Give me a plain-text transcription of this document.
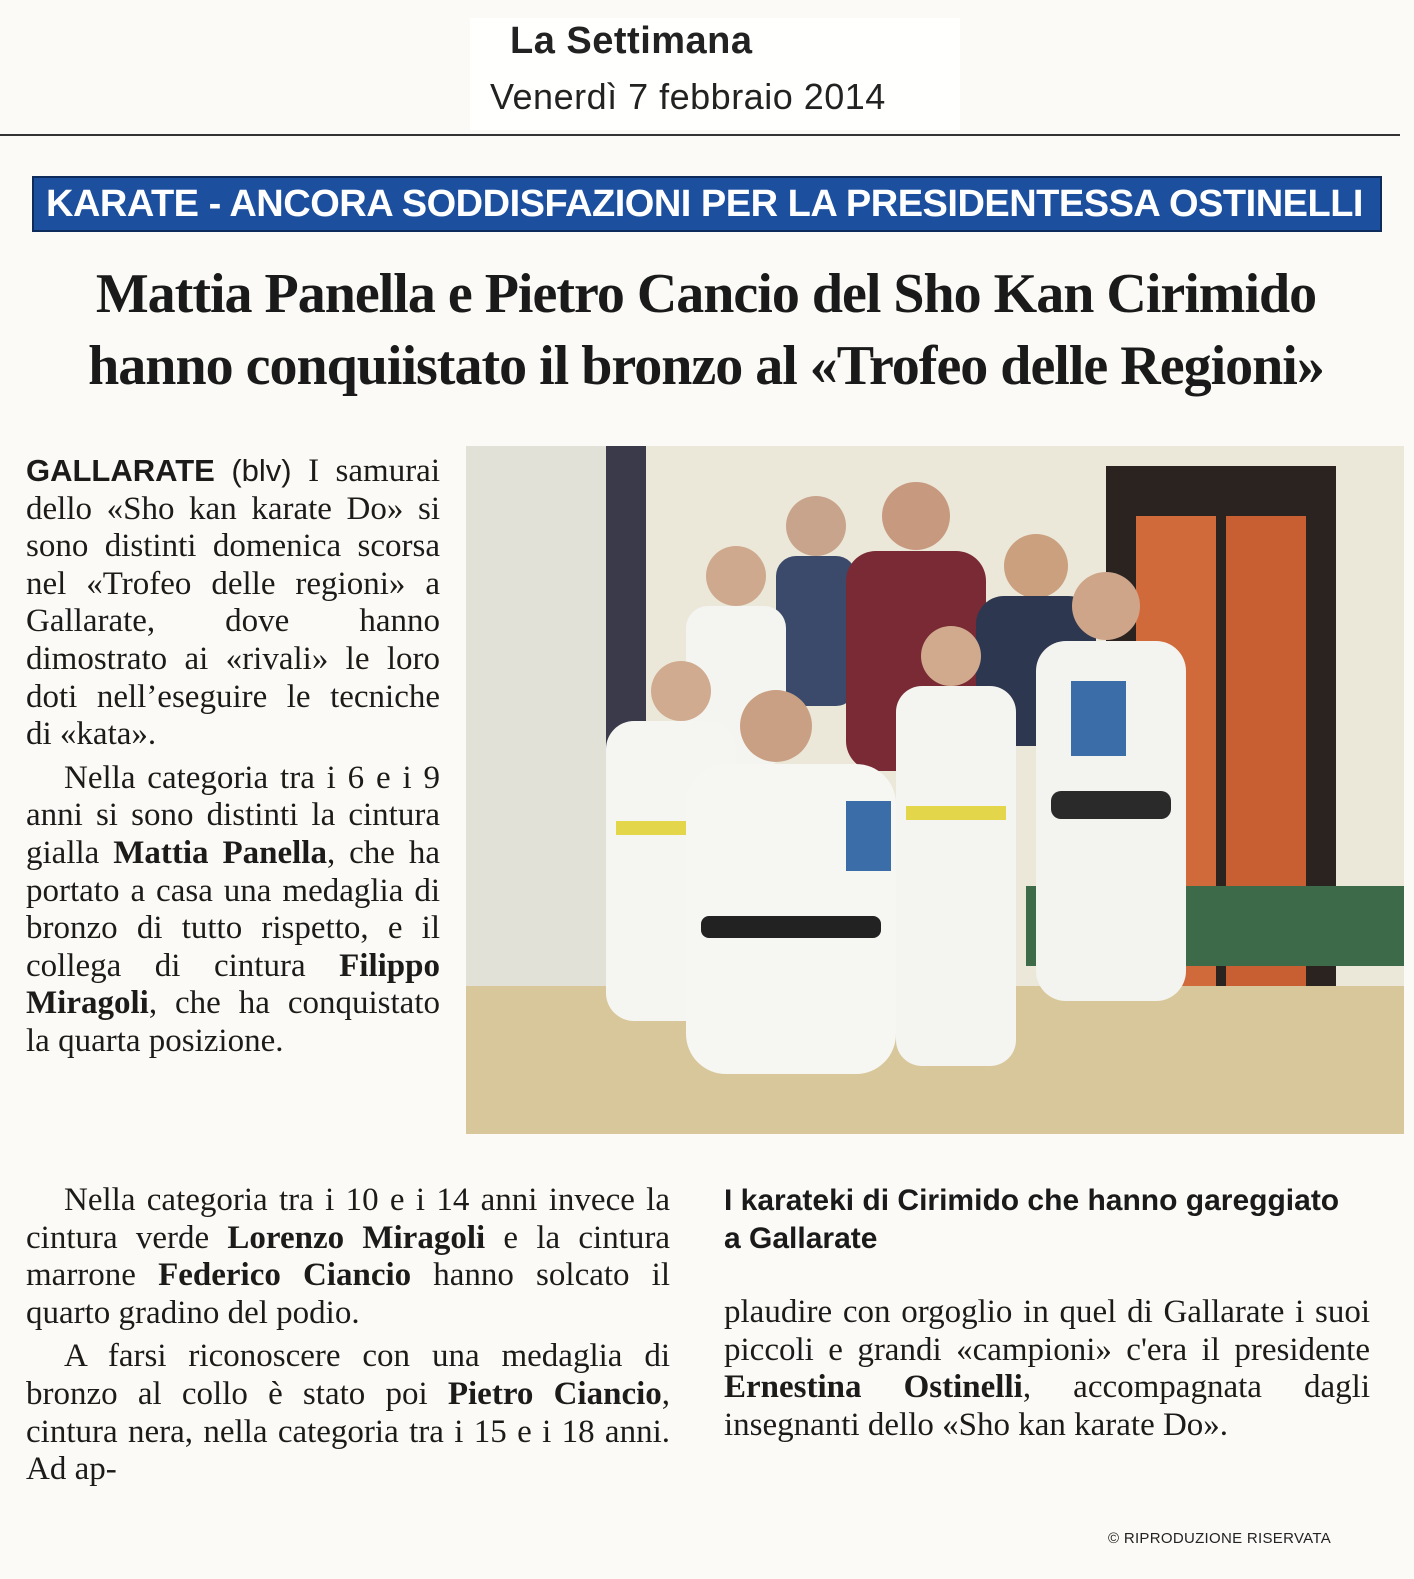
La Settimana
Venerdì 7 febbraio 2014
KARATE - ANCORA SODDISFAZIONI PER LA PRESIDENTESSA OSTINELLI
Mattia Panella e Pietro Cancio del Sho Kan Cirimido
hanno conquiistato il bronzo al «Trofeo delle Regioni»

GALLARATE (blv) I samurai dello «Sho kan karate Do» si sono distinti domenica scorsa nel «Trofeo delle regioni» a Gallarate, dove hanno dimostrato ai «rivali» le loro doti nell’eseguire le tecniche di «kata».

Nella categoria tra i 6 e i 9 anni si sono distinti la cintura gialla Mattia Panella, che ha portato a casa una medaglia di bronzo di tutto rispetto, e il collega di cintura Filippo Miragoli, che ha conquistato la quarta posizione.

Nella categoria tra i 10 e i 14 anni invece la cintura verde Lorenzo Miragoli e la cintura marrone Federico Ciancio hanno solcato il quarto gradino del podio.

A farsi riconoscere con una medaglia di bronzo al collo è stato poi Pietro Ciancio, cintura nera, nella categoria tra i 15 e i 18 anni. Ad ap-

I karateki di Cirimido che hanno gareggiato a Gallarate

plaudire con orgoglio in quel di Gallarate i suoi piccoli e grandi «campioni» c'era il presidente Ernestina Ostinelli, accompagnata dagli insegnanti dello «Sho kan karate Do».

© RIPRODUZIONE RISERVATA
